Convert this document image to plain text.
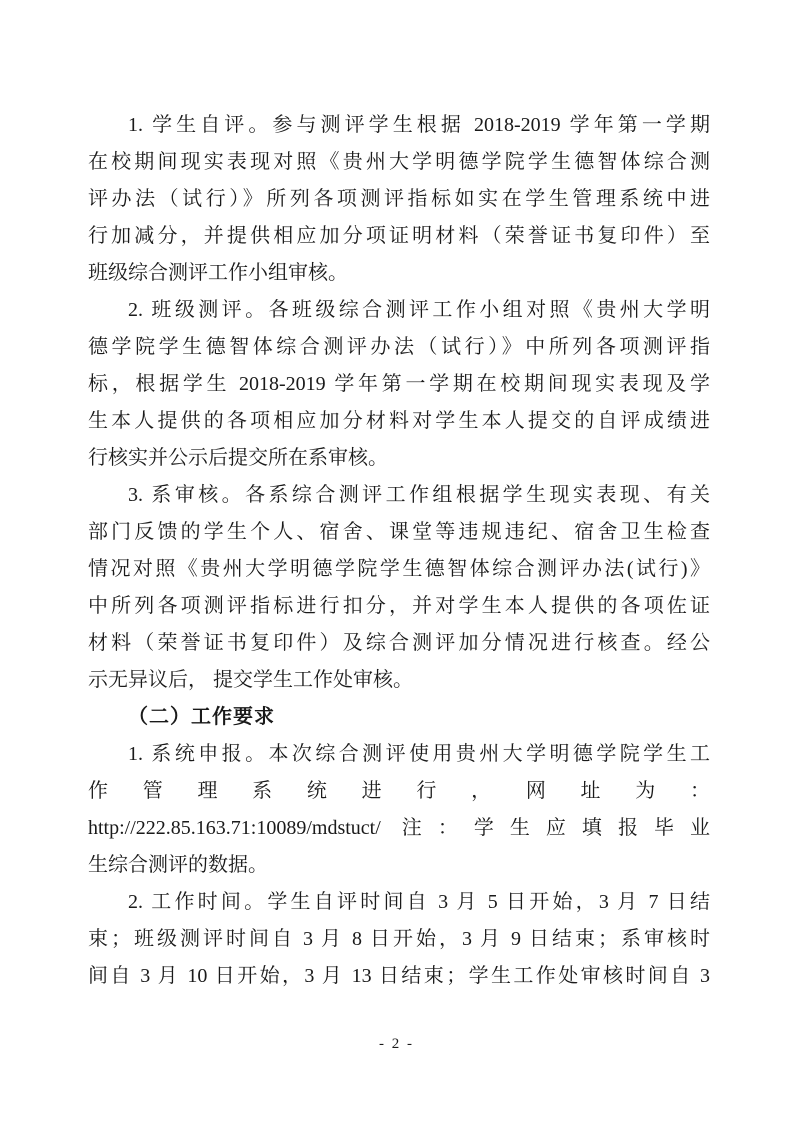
1. 学生自评。参与测评学生根据 2018-2019 学年第一学期
在校期间现实表现对照《贵州大学明德学院学生德智体综合测
评办法（试行）》所列各项测评指标如实在学生管理系统中进
行加减分，并提供相应加分项证明材料（荣誉证书复印件）至
班级综合测评工作小组审核。
2. 班级测评。各班级综合测评工作小组对照《贵州大学明
德学院学生德智体综合测评办法（试行）》中所列各项测评指
标，根据学生 2018-2019 学年第一学期在校期间现实表现及学
生本人提供的各项相应加分材料对学生本人提交的自评成绩进
行核实并公示后提交所在系审核。
3. 系审核。各系综合测评工作组根据学生现实表现、有关
部门反馈的学生个人、宿舍、课堂等违规违纪、宿舍卫生检查
情况对照《贵州大学明德学院学生德智体综合测评办法(试行)》
中所列各项测评指标进行扣分，并对学生本人提供的各项佐证
材料（荣誉证书复印件）及综合测评加分情况进行核查。经公
示无异议后， 提交学生工作处审核。
（二）工作要求
1. 系统申报。本次综合测评使用贵州大学明德学院学生工
作管理系统进行，网址为：
http://222.85.163.71:10089/mdstuct/ 注：学生应填报毕业
生综合测评的数据。
2. 工作时间。学生自评时间自 3 月 5 日开始，3 月 7 日结
束；班级测评时间自 3 月 8 日开始，3 月 9 日结束；系审核时
间自 3 月 10 日开始，3 月 13 日结束；学生工作处审核时间自 3
- 2 -
